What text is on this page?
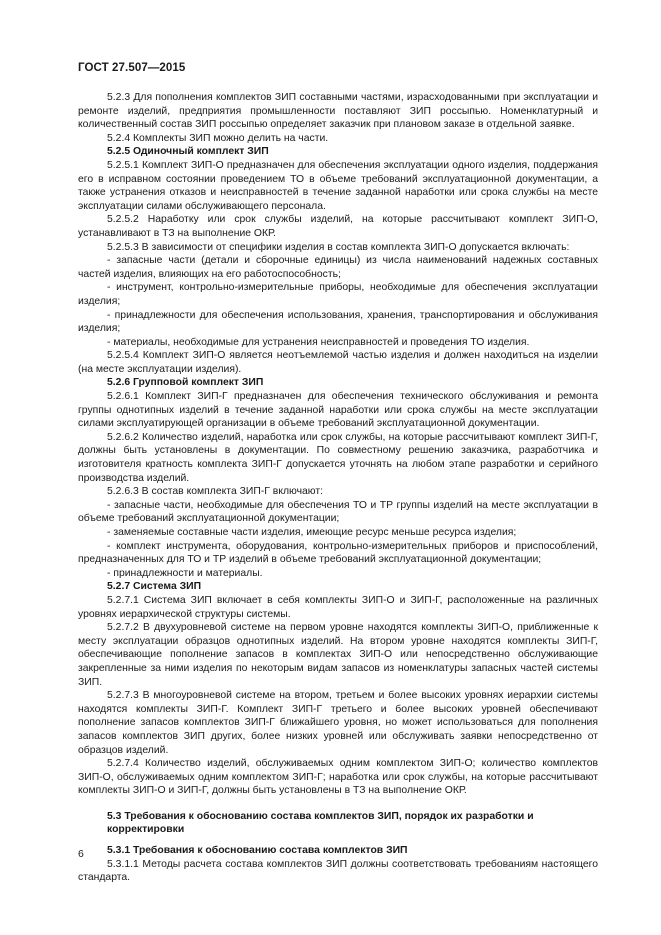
ГОСТ 27.507—2015

5.2.3 Для пополнения комплектов ЗИП составными частями, израсходованными при эксплуатации и ремонте изделий, предприятия промышленности поставляют ЗИП россыпью. Номенклатурный и количественный состав ЗИП россыпью определяет заказчик при плановом заказе в отдельной заявке.

5.2.4 Комплекты ЗИП можно делить на части.

5.2.5 Одиночный комплект ЗИП

5.2.5.1 Комплект ЗИП-О предназначен для обеспечения эксплуатации одного изделия, поддержания его в исправном состоянии проведением ТО в объеме требований эксплуатационной документации, а также устранения отказов и неисправностей в течение заданной наработки или срока службы на месте эксплуатации силами обслуживающего персонала.

5.2.5.2 Наработку или срок службы изделий, на которые рассчитывают комплект ЗИП-О, устанавливают в ТЗ на выполнение ОКР.

5.2.5.3 В зависимости от специфики изделия в состав комплекта ЗИП-О допускается включать:

- запасные части (детали и сборочные единицы) из числа наименований надежных составных частей изделия, влияющих на его работоспособность;

- инструмент, контрольно-измерительные приборы, необходимые для обеспечения эксплуатации изделия;

- принадлежности для обеспечения использования, хранения, транспортирования и обслуживания изделия;

- материалы, необходимые для устранения неисправностей и проведения ТО изделия.

5.2.5.4 Комплект ЗИП-О является неотъемлемой частью изделия и должен находиться на изделии (на месте эксплуатации изделия).

5.2.6 Групповой комплект ЗИП

5.2.6.1 Комплект ЗИП-Г предназначен для обеспечения технического обслуживания и ремонта группы однотипных изделий в течение заданной наработки или срока службы на месте эксплуатации силами эксплуатирующей организации в объеме требований эксплуатационной документации.

5.2.6.2 Количество изделий, наработка или срок службы, на которые рассчитывают комплект ЗИП-Г, должны быть установлены в документации. По совместному решению заказчика, разработчика и изготовителя кратность комплекта ЗИП-Г допускается уточнять на любом этапе разработки и серийного производства изделий.

5.2.6.3 В состав комплекта ЗИП-Г включают:

- запасные части, необходимые для обеспечения ТО и ТР группы изделий на месте эксплуатации в объеме требований эксплуатационной документации;

- заменяемые составные части изделия, имеющие ресурс меньше ресурса изделия;

- комплект инструмента, оборудования, контрольно-измерительных приборов и приспособлений, предназначенных для ТО и ТР изделий в объеме требований эксплуатационной документации;

- принадлежности и материалы.

5.2.7 Система ЗИП

5.2.7.1 Система ЗИП включает в себя комплекты ЗИП-О и ЗИП-Г, расположенные на различных уровнях иерархической структуры системы.

5.2.7.2 В двухуровневой системе на первом уровне находятся комплекты ЗИП-О, приближенные к месту эксплуатации образцов однотипных изделий. На втором уровне находятся комплекты ЗИП-Г, обеспечивающие пополнение запасов в комплектах ЗИП-О или непосредственно обслуживающие закрепленные за ними изделия по некоторым видам запасов из номенклатуры запасных частей системы ЗИП.

5.2.7.3 В многоуровневой системе на втором, третьем и более высоких уровнях иерархии системы находятся комплекты ЗИП-Г. Комплект ЗИП-Г третьего и более высоких уровней обеспечивают пополнение запасов комплектов ЗИП-Г ближайшего уровня, но может использоваться для пополнения запасов комплектов ЗИП других, более низких уровней или обслуживать заявки непосредственно от образцов изделий.

5.2.7.4 Количество изделий, обслуживаемых одним комплектом ЗИП-О; количество комплектов ЗИП-О, обслуживаемых одним комплектом ЗИП-Г; наработка или срок службы, на которые рассчитывают комплекты ЗИП-О и ЗИП-Г, должны быть установлены в ТЗ на выполнение ОКР.

5.3 Требования к обоснованию состава комплектов ЗИП, порядок их разработки и корректировки

5.3.1 Требования к обоснованию состава комплектов ЗИП

5.3.1.1 Методы расчета состава комплектов ЗИП должны соответствовать требованиям настоящего стандарта.

6
